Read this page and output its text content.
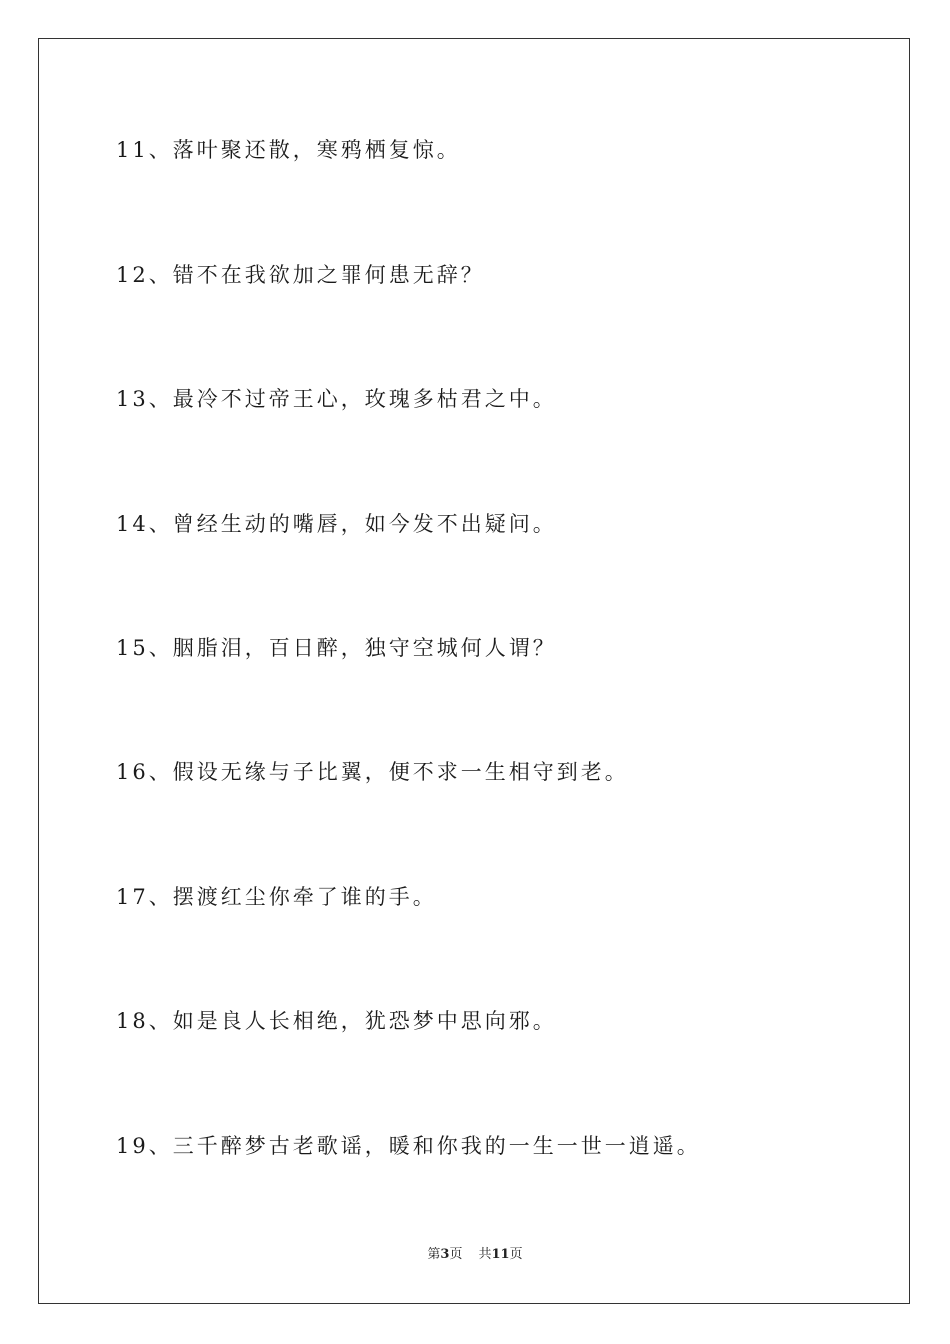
11、落叶聚还散，寒鸦栖复惊。
12、错不在我欲加之罪何患无辞？
13、最冷不过帝王心，玫瑰多枯君之中。
14、曾经生动的嘴唇，如今发不出疑问。
15、胭脂泪，百日醉，独守空城何人谓？
16、假设无缘与子比翼，便不求一生相守到老。
17、摆渡红尘你牵了谁的手。
18、如是良人长相绝，犹恐梦中思向邪。
19、三千醉梦古老歌谣，暖和你我的一生一世一逍遥。
第3页 共11页
